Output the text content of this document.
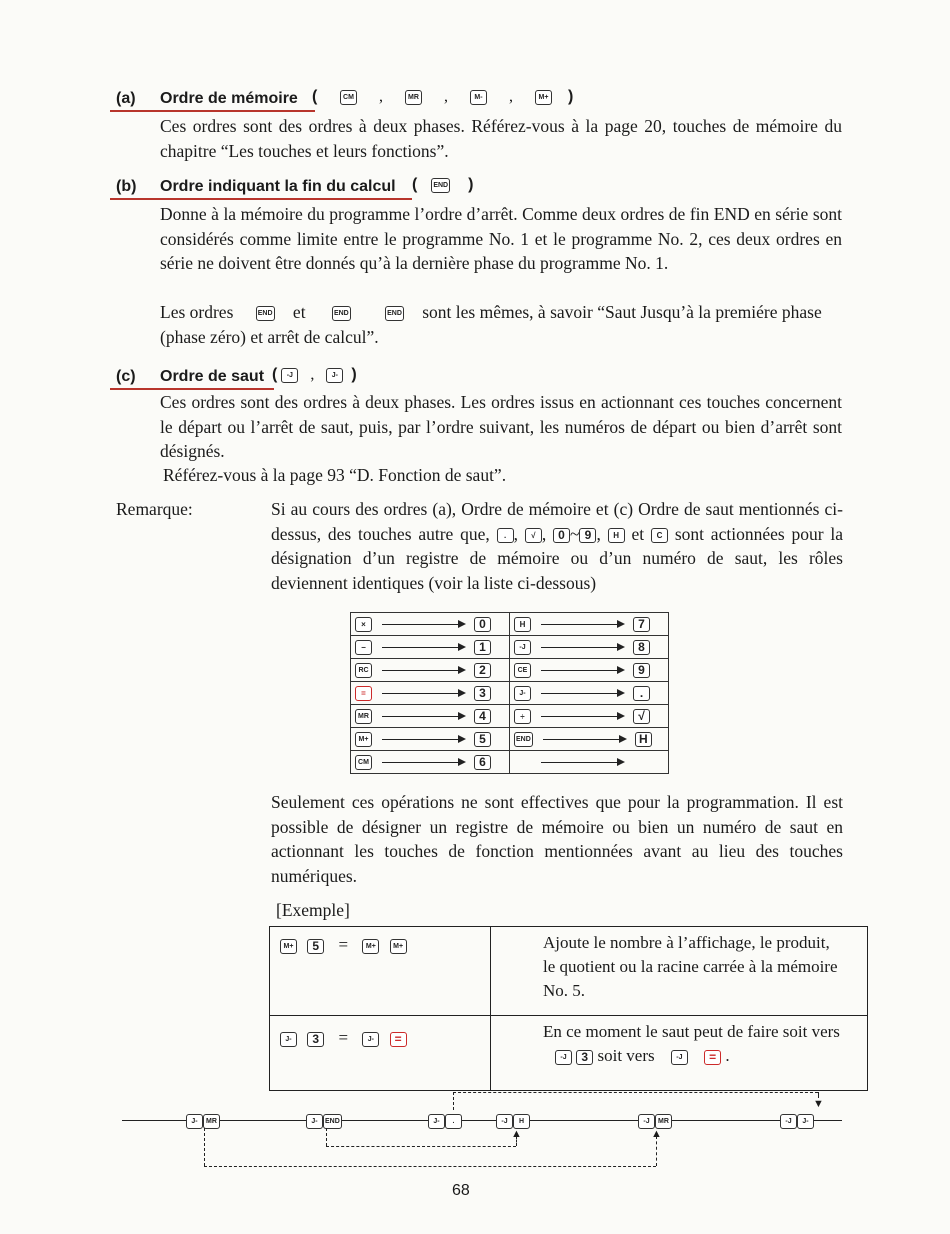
(a) Ordre de mémoire (	CM ,	MR ,	M- ,	M+ )
Ces ordres sont des ordres à deux phases. Référez-vous à la page 20, touches de mémoire du chapitre “Les touches et leurs fonctions”.
(b) Ordre indiquant la fin du calcul ( END )
Donne à la mémoire du programme l’ordre d’arrêt. Comme deux ordres de fin END en série sont considérés comme limite entre le programme No. 1 et le programme No. 2, ces deux ordres en série ne doivent être donnés qu’à la dernière phase du programme No. 1.
Les ordres	END et	END	END sont les mêmes, à savoir “Saut Jusqu’à la premiére phase (phase zéro) et arrêt de calcul”.
(c) Ordre de saut ( -J , J- )
Ces ordres sont des ordres à deux phases. Les ordres issus en actionnant ces touches concernent le départ ou l’arrêt de saut, puis, par l’ordre suivant, les numéros de départ ou bien d’arrêt sont désignés.
Référez-vous à la page 93 “D. Fonction de saut”.
Remarque:	Si au cours des ordres (a), Ordre de mémoire et (c) Ordre de saut mentionnés ci-dessus, des touches autre que, . , √ , 0 ~ 9 , H et C sont actionnées pour la désignation d’un registre de mémoire ou d’un numéro de saut, les rôles deviennent identiques (voir la liste ci-dessous)
× 0	H 7
− 1	-J 8
RC 2	CE 9
= 3	J- .
MR 4	÷ √
M+ 5	END H
CM 6	
Seulement ces opérations ne sont effectives que pour la programmation. Il est possible de désigner un registre de mémoire ou bien un numéro de saut en actionnant les touches de fonction mentionnées avant au lieu des touches numériques.
[Exemple]
M+ 5 = M+ M+	Ajoute le nombre à l’affichage, le produit, le quotient ou la racine carrée à la mémoire No. 5.
J- 3 = J- =	En ce moment le saut peut de faire soit vers -J 3 soit vers -J = .
J- MR	J- END	J- .	-J H	-J MR	-J J-
▲
▲
▼
68
